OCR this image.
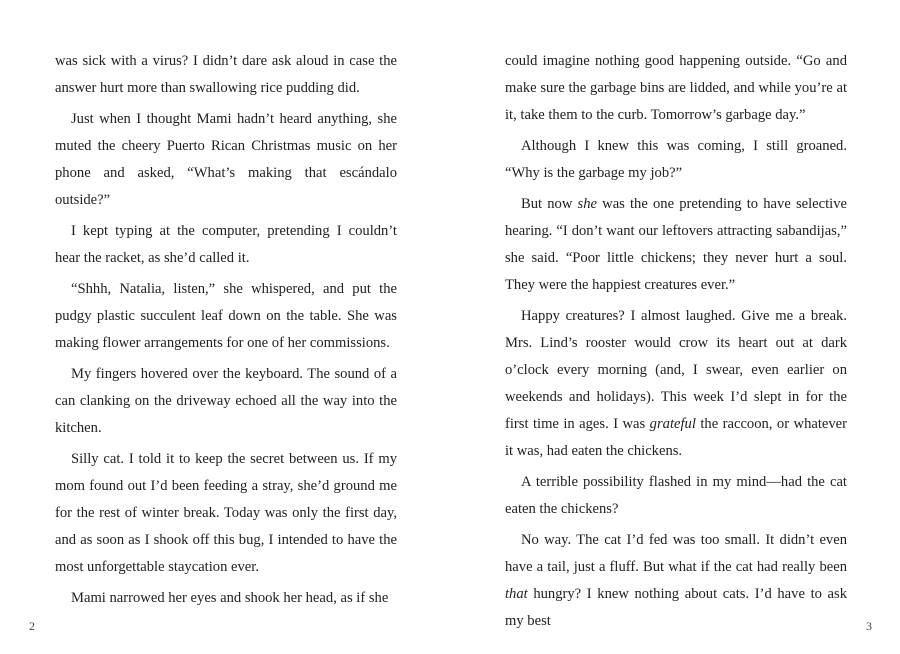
was sick with a virus? I didn’t dare ask aloud in case the answer hurt more than swallowing rice pudding did.

Just when I thought Mami hadn’t heard anything, she muted the cheery Puerto Rican Christmas music on her phone and asked, “What’s making that escándalo outside?”

I kept typing at the computer, pretending I couldn’t hear the racket, as she’d called it.

“Shhh, Natalia, listen,” she whispered, and put the pudgy plastic succulent leaf down on the table. She was making flower arrangements for one of her commissions.

My fingers hovered over the keyboard. The sound of a can clanking on the driveway echoed all the way into the kitchen.

Silly cat. I told it to keep the secret between us. If my mom found out I’d been feeding a stray, she’d ground me for the rest of winter break. Today was only the first day, and as soon as I shook off this bug, I intended to have the most unforgettable staycation ever.

Mami narrowed her eyes and shook her head, as if she

could imagine nothing good happening outside. “Go and make sure the garbage bins are lidded, and while you’re at it, take them to the curb. Tomorrow’s garbage day.”

Although I knew this was coming, I still groaned. “Why is the garbage my job?”

But now she was the one pretending to have selective hearing. “I don’t want our leftovers attracting sabandijas,” she said. “Poor little chickens; they never hurt a soul. They were the happiest creatures ever.”

Happy creatures? I almost laughed. Give me a break. Mrs. Lind’s rooster would crow its heart out at dark o’clock every morning (and, I swear, even earlier on weekends and holidays). This week I’d slept in for the first time in ages. I was grateful the raccoon, or whatever it was, had eaten the chickens.

A terrible possibility flashed in my mind—had the cat eaten the chickens?

No way. The cat I’d fed was too small. It didn’t even have a tail, just a fluff. But what if the cat had really been that hungry? I knew nothing about cats. I’d have to ask my best

2	3
